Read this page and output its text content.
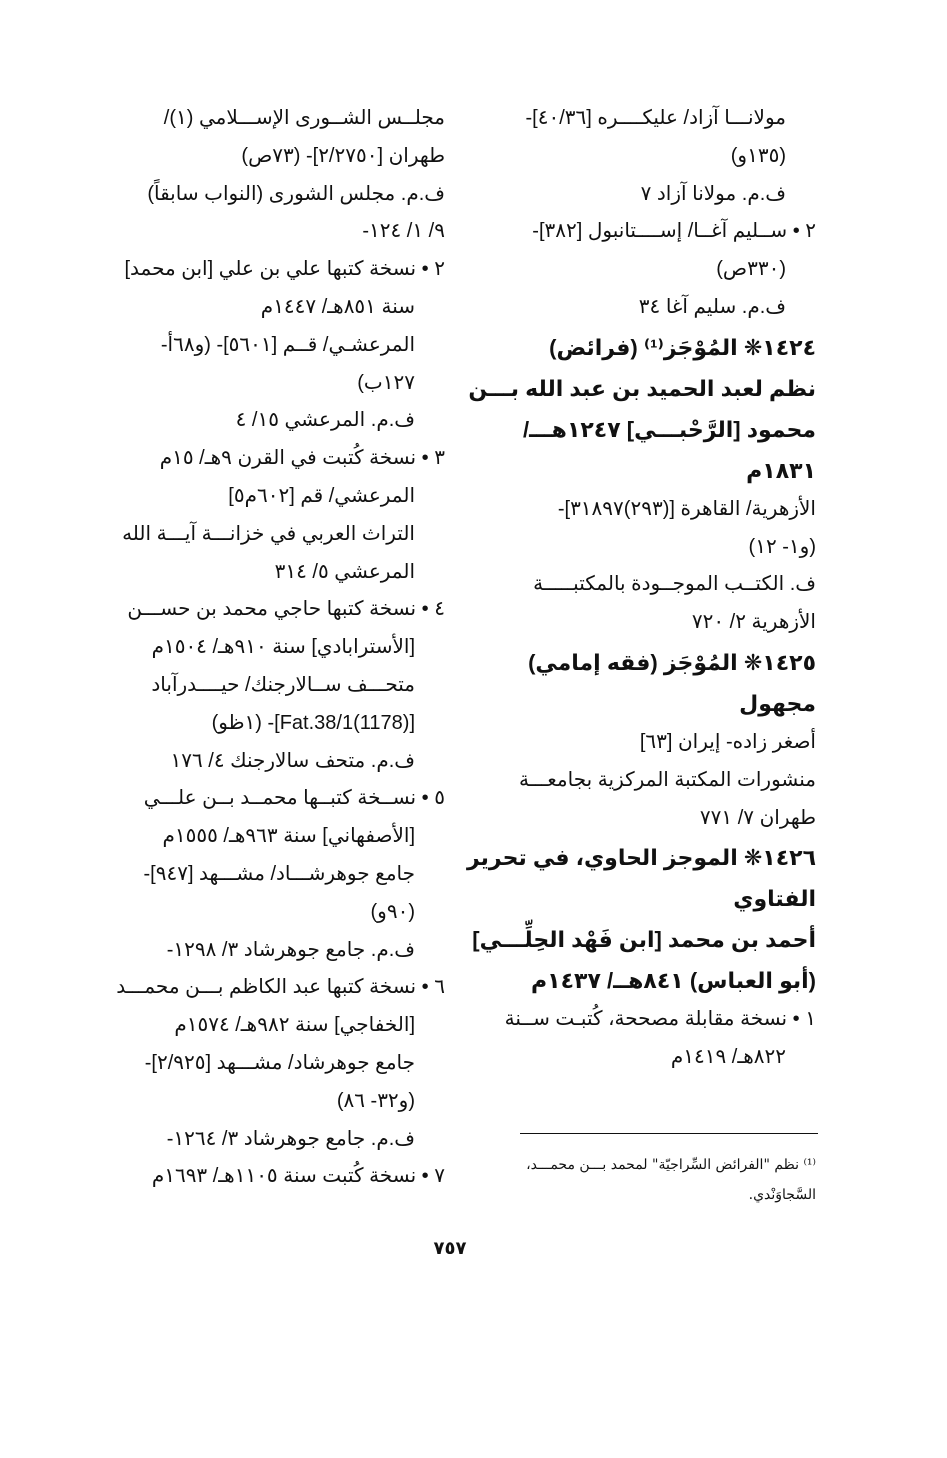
مولانـــا آزاد/ عليكــــره [٤٠/٣٦]-
(١٣٥و)
ف.م. مولانا آزاد ٧
٢ • ســليم آغــا/ إســــتانبول [٣٨٢]-
(٣٣٠ص)
ف.م. سليم آغا ٣٤
١٤٢٤❋ المُوْجَز⁽¹⁾ (فرائض)
نظم لعبد الحميد بن عبد الله بـــن
محمود [الرَّحْبـــي] ١٢٤٧هـــ/
١٨٣١م
الأزهرية/ القاهرة [(٢٩٣)٣١٨٩٧]-
(و١- ١٢)
ف. الكتــب الموجــودة بالمكتبـــــة
الأزهرية ٢/ ٧٢٠
١٤٢٥❋ المُوْجَز (فقه إمامي)
مجهول
أصغر زاده- إيران [٦٣]
منشورات المكتبة المركزية بجامعـــة
طهران ٧/ ٧٧١
١٤٢٦❋ الموجز الحاوي، في تحرير
الفتاوي
أحمد بن محمد [ابن فَهْد الحِلِّـــي]
(أبو العباس) ٨٤١هــ/ ١٤٣٧م
١ • نسخة مقابلة مصححة، كُتبـت ســنة
٨٢٢هـ/ ١٤١٩م
مجلــس الشــورى الإســـلامي (١)/
طهران [٢/٢٧٥٠]- (٧٣ص)
ف.م. مجلس الشورى (النواب سابقاً)
٩/ ١/ ١٢٤-
٢ • نسخة كتبها علي بن علي [ابن محمد]
سنة ٨٥١هـ/ ١٤٤٧م
المرعشـي/ قــم [٥٦٠١]- (و٦٨أ-
١٢٧ب)
ف.م. المرعشي ١٥/ ٤
٣ • نسخة كُتبت في القرن ٩هـ/ ١٥م
المرعشي/ قم [٦٠٢م٥]
التراث العربي في خزانـــة آيـــة الله
المرعشي ٥/ ٣١٤
٤ • نسخة كتبها حاجي محمد بن حســـن
[الأسترابادي] سنة ٩١٠هـ/ ١٥٠٤م
متحـــف ســالارجنك/ حيــــدرآباد
[(1178)Fat.38/1]- (١ظو)
ف.م. متحف سالارجنك ٤/ ١٧٦
٥ • نســخة كتبــها محمــد بــن علـــي
[الأصفهاني] سنة ٩٦٣هـ/ ١٥٥٥م
جامع جوهرشـــاد/ مشـــهد [٩٤٧]-
(٩٠و)
ف.م. جامع جوهرشاد ٣/ ١٢٩٨-
٦ • نسخة كتبها عبد الكاظم بـــن محمـــد
[الخفاجي] سنة ٩٨٢هـ/ ١٥٧٤م
جامع جوهرشاد/ مشـــهد [٢/٩٢٥]-
(و٣٢- ٨٦)
ف.م. جامع جوهرشاد ٣/ ١٢٦٤-
٧ • نسخة كُتبت سنة ١١٠٥هـ/ ١٦٩٣م
⁽¹⁾ نظم "الفرائض السِّراجيّة" لمحمد بـــن محمـــد،
السَّجاوَنْدي.
٧٥٧
